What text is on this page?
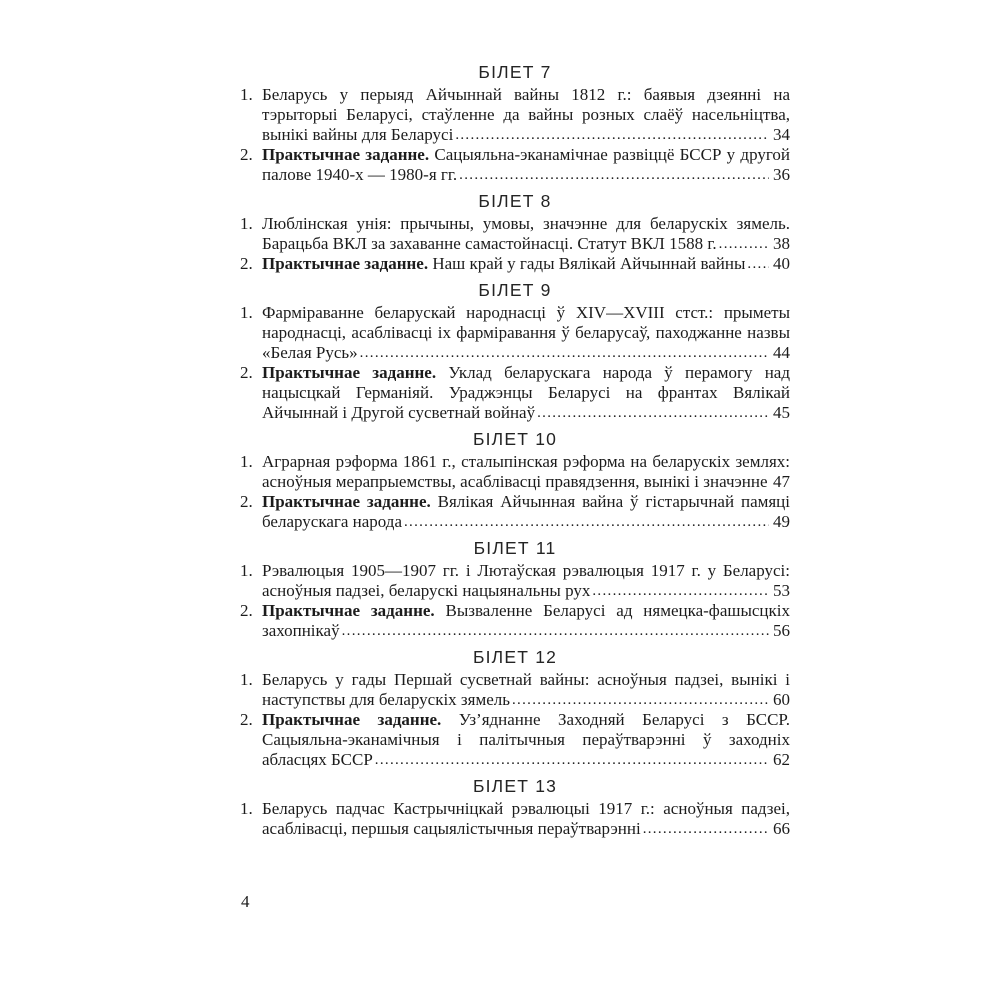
БІЛЕТ 7
1. Беларусь у перыяд Айчыннай вайны 1812 г.: баявыя дзеянні на тэрыторыі Беларусі, стаўленне да вайны розных слаёў насельніцтва, вынікі вайны для Беларусі .....	34
2. Практычнае заданне. Сацыяльна-эканамічнае развіццё БССР у другой палове 1940-х — 1980-я гг. .....	36
БІЛЕТ 8
1. Люблінская унія: прычыны, умовы, значэнне для беларускіх зямель. Барацьба ВКЛ за захаванне самастойнасці. Статут ВКЛ 1588 г. .....	38
2. Практычнае заданне. Наш край у гады Вялікай Айчыннай вайны ..... 40
БІЛЕТ 9
1. Фарміраванне беларускай народнасці ў XIV—XVIII стст.: прыметы народнасці, асаблівасці іх фарміравання ў беларусаў, паходжанне назвы «Белая Русь» .....	44
2. Практычнае заданне. Уклад беларускага народа ў перамогу над нацысцкай Германіяй. Ураджэнцы Беларусі на франтах Вялікай Айчыннай і Другой сусветнай войнаў .....	45
БІЛЕТ 10
1. Аграрная рэформа 1861 г., сталыпінская рэформа на беларускіх землях: асноўныя мерапрыемствы, асаблівасці правядзення, вынікі і значэнне ..... 47
2. Практычнае заданне. Вялікая Айчынная вайна ў гістарычнай памяці беларускага народа .....	49
БІЛЕТ 11
1. Рэвалюцыя 1905—1907 гг. і Лютаўская рэвалюцыя 1917 г. у Беларусі: асноўныя падзеі, беларускі нацыянальны рух .....	53
2. Практычнае заданне. Вызваленне Беларусі ад нямецка-фашысцкіх захопнікаў .....	56
БІЛЕТ 12
1. Беларусь у гады Першай сусветнай вайны: асноўныя падзеі, вынікі і наступствы для беларускіх зямель .....	60
2. Практычнае заданне. Уз’яднанне Заходняй Беларусі з БССР. Сацыяльна-эканамічныя і палітычныя пераўтварэнні ў заходніх абласцях БССР .....	62
БІЛЕТ 13
1. Беларусь падчас Кастрычніцкай рэвалюцыі 1917 г.: асноўныя падзеі, асаблівасці, першыя сацыялістычныя пераўтварэнні .....	66
4
